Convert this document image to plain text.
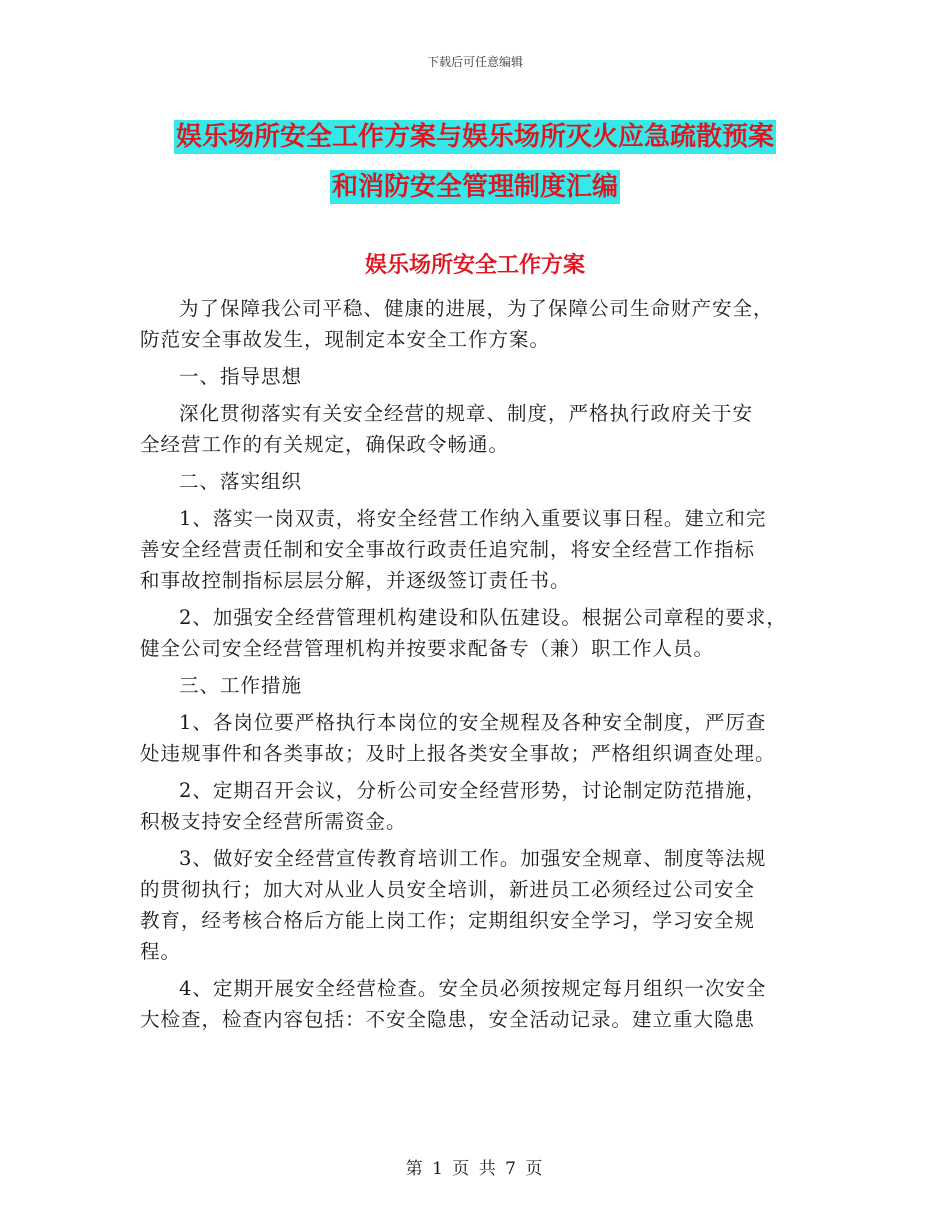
下载后可任意编辑
娱乐场所安全工作方案与娱乐场所灭火应急疏散预案
和消防安全管理制度汇编
娱乐场所安全工作方案

为了保障我公司平稳、健康的进展，为了保障公司生命财产安全，
防范安全事故发生，现制定本安全工作方案。

一、指导思想

深化贯彻落实有关安全经营的规章、制度，严格执行政府关于安
全经营工作的有关规定，确保政令畅通。

二、落实组织

1、落实一岗双责，将安全经营工作纳入重要议事日程。建立和完
善安全经营责任制和安全事故行政责任追究制，将安全经营工作指标
和事故控制指标层层分解，并逐级签订责任书。

2、加强安全经营管理机构建设和队伍建设。根据公司章程的要求，
健全公司安全经营管理机构并按要求配备专（兼）职工作人员。

三、工作措施

1、各岗位要严格执行本岗位的安全规程及各种安全制度，严厉查
处违规事件和各类事故；及时上报各类安全事故；严格组织调查处理。

2、定期召开会议，分析公司安全经营形势，讨论制定防范措施，
积极支持安全经营所需资金。

3、做好安全经营宣传教育培训工作。加强安全规章、制度等法规
的贯彻执行；加大对从业人员安全培训，新进员工必须经过公司安全
教育，经考核合格后方能上岗工作；定期组织安全学习，学习安全规
程。

4、定期开展安全经营检查。安全员必须按规定每月组织一次安全
大检查，检查内容包括：不安全隐患，安全活动记录。建立重大隐患

第 1 页 共 7 页
